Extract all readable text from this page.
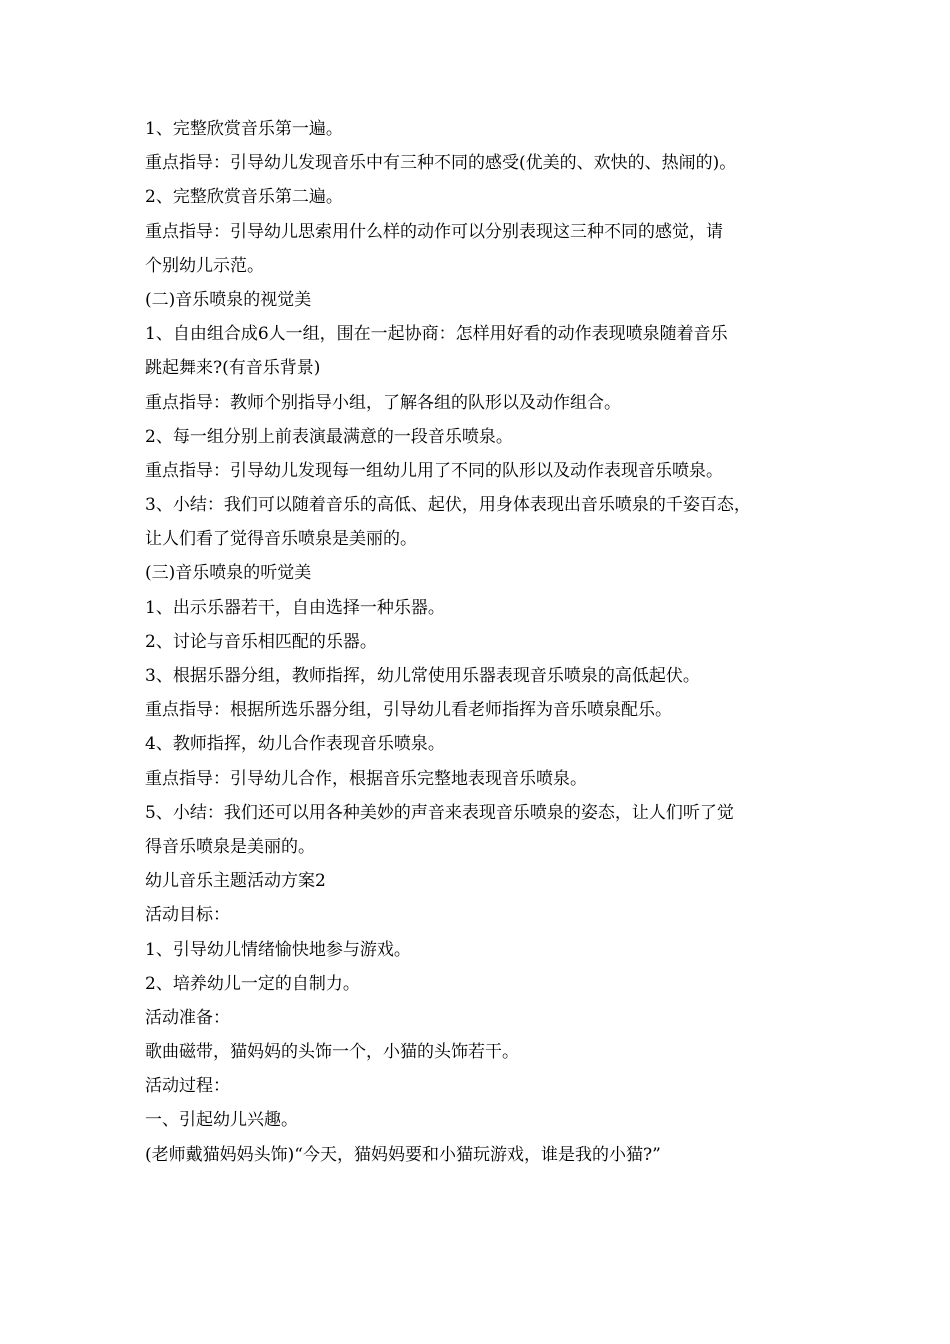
1、完整欣赏音乐第一遍。
重点指导：引导幼儿发现音乐中有三种不同的感受(优美的、欢快的、热闹的)。
2、完整欣赏音乐第二遍。
重点指导：引导幼儿思索用什么样的动作可以分别表现这三种不同的感觉，请
个别幼儿示范。
(二)音乐喷泉的视觉美
1、自由组合成6人一组，围在一起协商：怎样用好看的动作表现喷泉随着音乐
跳起舞来?(有音乐背景)
重点指导：教师个别指导小组，了解各组的队形以及动作组合。
2、每一组分别上前表演最满意的一段音乐喷泉。
重点指导：引导幼儿发现每一组幼儿用了不同的队形以及动作表现音乐喷泉。
3、小结：我们可以随着音乐的高低、起伏，用身体表现出音乐喷泉的千姿百态，
让人们看了觉得音乐喷泉是美丽的。
(三)音乐喷泉的听觉美
1、出示乐器若干，自由选择一种乐器。
2、讨论与音乐相匹配的乐器。
3、根据乐器分组，教师指挥，幼儿常使用乐器表现音乐喷泉的高低起伏。
重点指导：根据所选乐器分组，引导幼儿看老师指挥为音乐喷泉配乐。
4、教师指挥，幼儿合作表现音乐喷泉。
重点指导：引导幼儿合作，根据音乐完整地表现音乐喷泉。
5、小结：我们还可以用各种美妙的声音来表现音乐喷泉的姿态，让人们听了觉
得音乐喷泉是美丽的。
幼儿音乐主题活动方案2
活动目标：
1、引导幼儿情绪愉快地参与游戏。
2、培养幼儿一定的自制力。
活动准备：
歌曲磁带，猫妈妈的头饰一个，小猫的头饰若干。
活动过程：
一、引起幼儿兴趣。
(老师戴猫妈妈头饰)“今天，猫妈妈要和小猫玩游戏，谁是我的小猫?”
